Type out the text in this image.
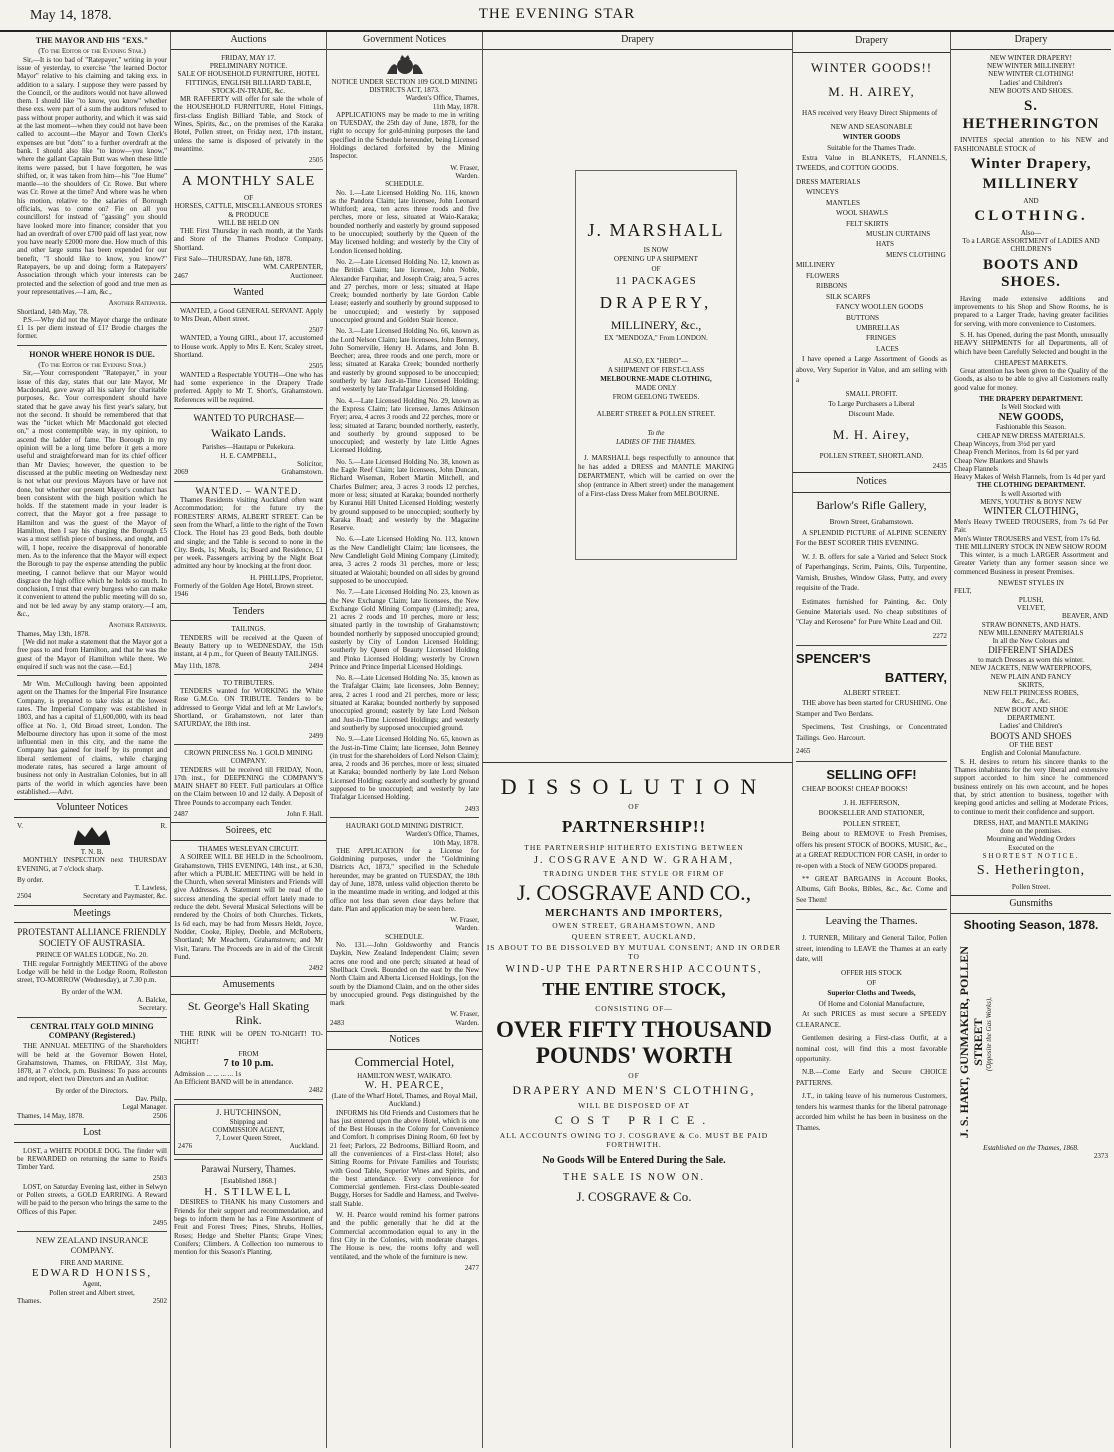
May 14, 1878.	THE EVENING STAR
THE MAYOR AND HIS "EXS."
(To the Editor of the Evening Star.)

Sir,—It is too bad of "Ratepayer," writing in your issue of yesterday, to exercise "the learned Doctor Mayor" relative to his claiming and taking exs. in addition to a salary. I suppose they were passed by the Council, or the auditors would not have allowed them. I should like "to know, you know" whether these exs. were part of a sum the auditors refused to pass without proper authority, and which it was said at the last moment—when they could not have been called to account—the Mayor and Town Clerk's expenses are but "dots" to a further overdraft at the bank. I should also like "to know—you know," where the gallant Captain Butt was when these little items were passed, but I have forgotten, he was shifted, or, it was taken from him—his "Joe Hume" mantle—to the shoulders of Cr. Rowe. But where was Cr. Rowe at the time? And where was he when his motion, relative to the salaries of Borough officials, was to come on? Fie on all you councillors! for instead of "gassing" you should have looked more into finance; consider that you had an overdraft of over £700 paid off last year, now you have nearly £2000 more due. How much of this and other large sums has been expended for our benefit, "I should like to know, you know?" Ratepayers, be up and doing; form a Ratepayers' Association through which your interests can be protected and the selection of good and true men as your representatives.—I am, &c.,

Another Ratepayer.
Shortland, 14th May, '78.

P.S.—Why did not the Mayor charge the ordinate £1 1s per diem instead of £1? Brodie charges the former.

HONOR WHERE HONOR IS DUE.
(To the Editor of the Evening Star.)

Sir,—Your correspondent "Ratepayer," in your issue of this day, states that our late Mayor, Mr Macdonald, gave away all his salary for charitable purposes, &c. Your correspondent should have stated that he gave away his first year's salary, but not the second. It should be remembered that that was the "ticket which Mr Macdonald got elected on," a most contemptible way, in my opinion, to ascend the ladder of fame. The Borough in my opinion will be a long time before it gets a more useful and straightforward man for its chief officer than Mr Davies; however, the question to be discussed at the public meeting on Wednesday next is not what our previous Mayors have or have not done, but whether our present Mayor's conduct has been consistent with the high position which he holds. If the statement made in your leader is correct, that the Mayor got a free passage to Hamilton and was the guest of the Mayor of Hamilton, then I say his charging the Borough £5 was a most selfish piece of business, and ought, and will, I hope, receive the disapproval of honorable men. As to the inference that the Mayor will expect the Borough to pay the expense attending the public meeting, I cannot believe that our Mayor would disgrace the high office which he holds so much. In conclusion, I trust that every burgess who can make it convenient to attend the public meeting will do so, and not be led away by any stamp oratory.—I am, &c.,

Another Ratepayer.
Thames, May 13th, 1878.

[We did not make a statement that the Mayor got a free pass to and from Hamilton, and that he was the guest of the Mayor of Hamilton while there. We enquired if such was not the case.—Ed.]

Mr Wm. McCullough having been appointed agent on the Thames for the Imperial Fire Insurance Company, is prepared to take risks at the lowest rates. The Imperial Company was established in 1803, and has a capital of £1,600,000, with its head office at No. 1, Old Broad street, London. The Melbourne directory has upon it some of the most influential men in this city, and the name the Company has gained for itself by its prompt and liberal settlement of claims, while charging moderate rates, has secured a large amount of business not only in Australian Colonies, but in all parts of the world in which agencies have been established.—Advt.

Volunteer Notices
V.	R.
T. N. B.

MONTHLY INSPECTION next THURSDAY EVENING, at 7 o'clock sharp.

By order.
T. Lawless,
2504	Secretary and Paymaster, &c.
Meetings
PROTESTANT ALLIANCE FRIENDLY SOCIETY OF AUSTRASIA.
PRINCE OF WALES LODGE, No. 20.

THE regular Fortnightly MEETING of the above Lodge will be held in the Lodge Room, Rolleston street, TO-MORROW (Wednesday), at 7.30 p.m.

By order of the W.M.
A. Balcke,
Secretary.
CENTRAL ITALY GOLD MINING COMPANY (Registered.)

THE ANNUAL MEETING of the Shareholders will be held at the Governor Bowen Hotel, Grahamstown, Thames, on FRIDAY, 31st May, 1878, at 7 o'clock, p.m. Business: To pass accounts and report, elect two Directors and an Auditor.

By order of the Directors.
Dav. Philp,
Legal Manager.
Thames, 14 May, 1878.	2506
Lost

LOST, a WHITE POODLE DOG. The finder will be REWARDED on returning the same to Reid's Timber Yard.

2503

LOST, on Saturday Evening last, either in Selwyn or Pollen streets, a GOLD EARRING. A Reward will be paid to the person who brings the same to the Offices of this Paper.

2495
NEW ZEALAND INSURANCE COMPANY.
FIRE AND MARINE.
EDWARD HONISS,
Agent,
Pollen street and Albert street,
Thames.	2502
Auctions
FRIDAY, MAY 17.
PRELIMINARY NOTICE.
SALE OF HOUSEHOLD FURNITURE, HOTEL FITTINGS, ENGLISH BILLIARD TABLE, STOCK-IN-TRADE, &c.

MR RAFFERTY will offer for sale the whole of the HOUSEHOLD FURNITURE, Hotel Fittings, first-class English Billiard Table, and Stock of Wines, Spirits, &c., on the premises of the Karaka Hotel, Pollen street, on Friday next, 17th instant, unless the same is disposed of privately in the meantime.

2505
A MONTHLY SALE
OF
HORSES, CATTLE, MISCELLANEOUS STORES & PRODUCE
WILL BE HELD ON

THE First Thursday in each month, at the Yards and Store of the Thames Produce Company, Shortland.

First Sale—THURSDAY, June 6th, 1878.
WM. CARPENTER,
2467	Auctioneer.
Wanted

WANTED, a Good GENERAL SERVANT. Apply to Mrs Dean, Albert street.

2507

WANTED, a Young GIRL, about 17, accustomed to House work. Apply to Mrs E. Kerr, Scaley street, Shortland.

2505

WANTED a Respectable YOUTH—One who has had some experience in the Drapery Trade preferred. Apply to Mr T. Short's, Grahamstown. References will be required.

WANTED TO PURCHASE—
Waikato Lands.
Parishes—Hautapu or Pukekura.
H. E. CAMPBELL,
Solicitor,
2069	Grahamstown.
WANTED. – WANTED.

Thames Residents visiting Auckland often want Accommodation; for the future try the FORESTERS' ARMS, ALBERT STREET. Can be seen from the Wharf, a little to the right of the Town Clock. The Hotel has 23 good Beds, both double and single; and the Table is second to none in the City. Beds, 1s; Meals, 1s; Board and Residence, £1 per week. Passengers arriving by the Night Boat admitted any hour by knocking at the front door.

H. PHILLIPS, Proprietor,
Formerly of the Golden Age Hotel, Brown street.
1946
Tenders
TAILINGS.

TENDERS will be received at the Queen of Beauty Battery up to WEDNESDAY, the 15th instant, at 4 p.m., for Queen of Beauty TAILINGS.

May 11th, 1878.	2494
TO TRIBUTERS.

TENDERS wanted for WORKING the White Rose G.M.Co. ON TRIBUTE. Tenders to be addressed to George Vidal and left at Mr Lawlor's, Shortland, or Grahamstown, not later than SATURDAY, the 18th inst.

2499
CROWN PRINCESS No. 1 GOLD MINING COMPANY.

TENDERS will be received till FRIDAY, Noon, 17th inst., for DEEPENING the COMPANY'S MAIN SHAFT 80 FEET. Full particulars at Office on the Claim between 10 and 12 daily. A Deposit of Three Pounds to accompany each Tender.

2487	John F. Hall.
Soirees, etc
THAMES WESLEYAN CIRCUIT.

A SOIREE WILL BE HELD in the Schoolroom, Grahamstown, THIS EVENING, 14th inst., at 6.30, after which a PUBLIC MEETING will be held in the Church, when several Ministers and Friends will give Addresses. A Statement will be read of the success attending the special effort lately made to reduce the debt. Several Musical Selections will be rendered by the Choirs of both Churches. Tickets, 1s 6d each, may be had from Messrs Heldt, Joyce, Nodder, Cooke, Ripley, Deeble, and McRoberts, Shortland; Mr Meachem, Grahamstown; and Mr Visit, Tararu. The Proceeds are in aid of the Circuit Fund.

2492
Amusements
St. George's Hall Skating Rink.

THE RINK will be OPEN TO-NIGHT! TO-NIGHT!

FROM
7 to 10 p.m.
Admission ... ... ... ... 1s
An Efficient BAND will be in attendance.
2482
J. HUTCHINSON,
Shipping and
COMMISSION AGENT,
7, Lower Queen Street,
2476	Auckland.
Parawai Nursery, Thames.
[Established 1868.]
H. STILWELL

DESIRES to THANK his many Customers and Friends for their support and recommendation, and begs to inform them he has a Fine Assortment of Fruit and Forest Trees; Pines, Shrubs, Hollies, Roses; Hedge and Shelter Plants; Grape Vines; Conifers; Climbers. A Collection too numerous to mention for this Season's Planting.

Government Notices
NOTICE UNDER SECTION 109 GOLD MINING DISTRICTS ACT, 1873.
Warden's Office, Thames,
11th May, 1878.

APPLICATIONS may be made to me in writing on TUESDAY, the 25th day of June, 1878, for the right to occupy for gold-mining purposes the land specified in the Schedule hereunder, being Licensed Holdings declared forfeited by the Mining Inspector.

W. Fraser,
Warden.
SCHEDULE.

No. 1.—Late Licensed Holding No. 116, known as the Pandora Claim; late licensee, John Leonard Whitford; area, ten acres three roods and five perches, more or less, situated at Waio-Karaka; bounded northerly and easterly by ground supposed to be unoccupied; southerly by the Queen of the May licensed holding; and westerly by the City of London licensed holding.

No. 2.—Late Licensed Holding No. 12, known as the British Claim; late licensee, John Noble, Alexander Farquhar, and Joseph Craig; area, 5 acres and 27 perches, more or less; situated at Hape Creek; bounded northerly by late Gordon Cable Lease; easterly and southerly by ground supposed to be unoccupied; and westerly by supposed unoccupied ground and Golden Stair licence.

No. 3.—Late Licensed Holding No. 66, known as the Lord Nelson Claim; late licensees, John Benney, John Somerville, Henry H. Adams, and John B. Beecher; area, three roods and one perch, more or less; situated at Karaka Creek; bounded northerly and easterly by ground supposed to be unoccupied; southerly by late Just-in-Time Licensed Holding; and westerly by late Trafalgar Licensed Holding.

No. 4.—Late Licensed Holding No. 29, known as the Express Claim; late licensee, James Atkinson Fryer; area, 4 acres 3 roods and 22 perches, more or less; situated at Tararu; bounded northerly, easterly, and southerly by ground supposed to be unoccupied; and westerly by late Little Agnes Licensed Holding.

No. 5.—Late Licensed Holding No. 38, known as the Eagle Reef Claim; late licensees, John Duncan, Richard Wiseman, Robert Martin Mitchell, and Charles Bulmer; area, 3 acres 3 roods 12 perches, more or less; situated at Karaka; bounded northerly by Kuranui Hill United Licensed Holding; westerly by ground supposed to be unoccupied; southerly by Karaka Road; and westerly by the Magazine Reserve.

No. 6.—Late Licensed Holding No. 113, known as the New Candlelight Claim; late licensees, the New Candlelight Gold Mining Company (Limited); area, 3 acres 2 roods 31 perches, more or less; situated at Waiotahi; bounded on all sides by ground supposed to be unoccupied.

No. 7.—Late Licensed Holding No. 23, known as the New Exchange Claim; late licensees, the New Exchange Gold Mining Company (Limited); area, 21 acres 2 roods and 10 perches, more or less; situated partly in the township of Grahamstown; bounded northerly by supposed unoccupied ground; easterly by City of London Licensed Holding; southerly by Queen of Beauty Licensed Holding and Pinko Licensed Holding; westerly by Crown Prince and Prince Imperial Licensed Holdings.

No. 8.—Late Licensed Holding No. 35, known as the Trafalgar Claim; late licensees, John Benney; area, 2 acres 1 rood and 21 perches, more or less; situated at Karaka; bounded northerly by supposed unoccupied ground; easterly by late Lord Nelson and Just-in-Time Licensed Holdings; and westerly and southerly by supposed unoccupied ground.

No. 9.—Late Licensed Holding No. 65, known as the Just-in-Time Claim; late licensee, John Benney (in trust for the shareholders of Lord Nelson Claim); area, 2 roods and 36 perches, more or less; situated at Karaka; bounded northerly by late Lord Nelson Licensed Holding; easterly and southerly by ground supposed to be unoccupied; and westerly by late Trafalgar Licensed Holding.

2493
HAURAKI GOLD MINING DISTRICT.
Warden's Office, Thames,
10th May, 1878.

THE APPLICATION for a License for Goldmining purposes, under the "Goldmining Districts Act, 1873," specified in the Schedule hereunder, may be granted on TUESDAY, the 18th day of June, 1878, unless valid objection thereto be in the meantime made in writing, and lodged at this office not less than seven clear days before that date. Plan and application may be seen here.

W. Fraser,
Warden.
SCHEDULE.

No. 131.—John Goldsworthy and Francis Daykin, New Zealand Independent Claim; seven acres one rood and one perch; situated at head of Shellback Creek. Bounded on the east by the New North Claim and Alberta Licensed Holdings, [on the south by the Diamond Claim, and on the other sides by unoccupied ground. Pegs distinguished by the mark

W. Fraser,
2483	Warden.
Notices
Commercial Hotel,
HAMILTON WEST, WAIKATO.
W. H. PEARCE,
(Late of the Wharf Hotel, Thames, and Royal Mail, Auckland.)

INFORMS his Old Friends and Customers that he has just entered upon the above Hotel, which is one of the Best Houses in the Colony for Convenience and Comfort. It comprises Dining Room, 60 feet by 21 feet; Parlors, 22 Bedrooms, Billiard Room, and all the conveniences of a First-class Hotel; also Sitting Rooms for Private Families and Tourists; with Good Table, Superior Wines and Spirits, and the best attendance. Every convenience for Commercial gentlemen. First-class Double-seated Buggy, Horses for Saddle and Harness, and Twelve-stall Stable.

W. H. Pearce would remind his former patrons and the public generally that he did at the Commercial accommodation equal to any in the first City in the Colonies, with moderate charges. The House is new, the rooms lofty and well ventilated, and the whole of the furniture is new.

2477
Drapery
J. MARSHALL
IS NOW
OPENING UP A SHIPMENT
OF
11 PACKAGES
DRAPERY,
MILLINERY, &c.,
EX "MENDOZA," From LONDON.
ALSO, EX "HERO"—
A SHIPMENT OF FIRST-CLASS
MELBOURNE-MADE CLOTHING,
MADE ONLY
FROM GEELONG TWEEDS.
ALBERT STREET & POLLEN STREET.
To the
LADIES OF THE THAMES.

J. MARSHALL begs respectfully to announce that he has added a DRESS and MANTLE MAKING DEPARTMENT, which will be carried on over the shop (entrance in Albert street) under the management of a First-class Dress Maker from MELBOURNE.

DISSOLUTION
OF
PARTNERSHIP!!
THE PARTNERSHIP HITHERTO EXISTING BETWEEN
J. COSGRAVE AND W. GRAHAM,
TRADING UNDER THE STYLE OR FIRM OF
J. COSGRAVE AND CO.,
MERCHANTS AND IMPORTERS,
OWEN STREET, GRAHAMSTOWN, AND
QUEEN STREET, AUCKLAND,
IS ABOUT TO BE DISSOLVED BY MUTUAL CONSENT; AND IN ORDER TO
WIND-UP THE PARTNERSHIP ACCOUNTS,
THE ENTIRE STOCK,
CONSISTING OF—
OVER FIFTY THOUSAND
POUNDS' WORTH
OF
DRAPERY AND MEN'S CLOTHING,
WILL BE DISPOSED OF AT
COST PRICE.
ALL ACCOUNTS OWING TO J. COSGRAVE & Co. MUST BE PAID FORTHWITH.
No Goods Will be Entered During the Sale.
THE SALE IS NOW ON.
J. COSGRAVE & Co.
Drapery
WINTER GOODS!!
M. H. AIREY,

HAS received very Heavy Direct Shipments of

NEW AND SEASONABLE
WINTER GOODS
Suitable for the Thames Trade.

Extra Value in BLANKETS, FLANNELS, TWEEDS, and COTTON GOODS.

DRESS MATERIALS
WINCEYS
MANTLES
WOOL SHAWLS
FELT SKIRTS
MUSLIN CURTAINS
HATS
MEN'S CLOTHING
MILLINERY
FLOWERS
RIBBONS
SILK SCARFS
FANCY WOOLLEN GOODS
BUTTONS
UMBRELLAS
FRINGES
LACES

I have opened a Large Assortment of Goods as above, Very Superior in Value, and am selling with a

SMALL PROFIT.
To Large Purchasers a Liberal
Discount Made.
M. H. Airey,
POLLEN STREET, SHORTLAND.
2435
Notices
Barlow's Rifle Gallery,
Brown Street, Grahamstown.

A SPLENDID PICTURE of ALPINE SCENERY For the BEST SCORER THIS EVENING.

W. J. B. offers for sale a Varied and Select Stock of Paperhangings, Scrim, Paints, Oils, Turpentine, Varnish, Brushes, Window Glass, Putty, and every requisite of the Trade.

Estimates furnished for Painting, &c. Only Genuine Materials used. No cheap substitutes of "Clay and Kerosene" for Pure White Lead and Oil.

2272
SPENCER'S
BATTERY,
ALBERT STREET.

THE above has been started for CRUSHING. One Stamper and Two Berdans.

Specimens, Test Crushings, or Concentrated Tailings. Geo. Harcourt.

2465
SELLING OFF!

CHEAP BOOKS! CHEAP BOOKS!

J. H. JEFFERSON,
BOOKSELLER AND STATIONER,
POLLEN STREET,

Being about to REMOVE to Fresh Premises, offers his present STOCK of BOOKS, MUSIC, &c., at a GREAT REDUCTION FOR CASH, in order to re-open with a Stock of NEW GOODS prepared.

** GREAT BARGAINS in Account Books, Albums, Gift Books, Bibles, &c., &c. Come and See Them!

Leaving the Thames.

J. TURNER, Military and General Tailor, Pollen street, intending to LEAVE the Thames at an early date, will

OFFER HIS STOCK
OF
Superior Cloths and Tweeds,
Of Home and Colonial Manufacture,

At such PRICES as must secure a SPEEDY CLEARANCE.

Gentlemen desiring a First-class Outfit, at a nominal cost, will find this a most favorable opportunity.

N.B.—Come Early and Secure CHOICE PATTERNS.

J.T., in taking leave of his numerous Customers, tenders his warmest thanks for the liberal patronage accorded him whilst he has been in business on the Thames.

Drapery
NEW WINTER DRAPERY!
NEW WINTER MILLINERY!
NEW WINTER CLOTHING!
Ladies' and Children's
NEW BOOTS AND SHOES.
S. HETHERINGTON

INVITES special attention to his NEW and FASHIONABLE STOCK of

Winter Drapery,
MILLINERY
AND
CLOTHING.
Also—
To a LARGE ASSORTMENT of LADIES AND CHILDREN'S
BOOTS AND SHOES.

Having made extensive additions and improvements to his Shop and Show Rooms, he is prepared to a Larger Trade, having greater facilities for serving, with more convenience to Customers.

S. H. has Opened, during the past Month, unusually HEAVY SHIPMENTS for all Departments, all of which have been Carefully Selected and bought in the

CHEAPEST MARKETS.

Great attention has been given to the Quality of the Goods, as also to be able to give all Customers really good value for money.

THE DRAPERY DEPARTMENT.
Is Well Stocked with
NEW GOODS,
Fashionable this Season.
CHEAP NEW DRESS MATERIALS.
Cheap Winceys, from 3½d per yard
Cheap French Merinos, from 1s 6d per yard
Cheap New Blankets and Shawls
Cheap Flannels
Heavy Makes of Welsh Flannels, from 1s 4d per yard
THE CLOTHING DEPARTMENT.
Is well Assorted with
MEN'S, YOUTHS' & BOYS' NEW
WINTER CLOTHING,
Men's Heavy TWEED TROUSERS, from 7s 6d Per Pair.
Men's Winter TROUSERS and VEST, from 17s 6d.
THE MILLINERY STOCK IN NEW SHOW ROOM

This winter, is a much LARGER Assortment and Greater Variety than any former season since we commenced Business in present Premises.

NEWEST STYLES IN
FELT,
PLUSH,
VELVET,
BEAVER, AND
STRAW BONNETS, AND HATS.
NEW MILLENNERY MATERIALS
In all the New Colours and
DIFFERENT SHADES
to match Dresses as worn this winter.
NEW JACKETS, NEW WATERPROOFS,
NEW PLAIN AND FANCY
SKIRTS,
NEW FELT PRINCESS ROBES,
&c., &c., &c.
NEW BOOT AND SHOE
DEPARTMENT.
Ladies' and Children's
BOOTS AND SHOES
OF THE BEST
English and Colonial Manufacture.

S. H. desires to return his sincere thanks to the Thames inhabitants for the very liberal and extensive support accorded to him since he commenced business entirely on his own account, and he hopes that, by strict attention to business, together with keeping good articles and selling at Moderate Prices, to continue to merit their confidence and support.

DRESS, HAT, and MANTLE MAKING
done on the premises.
Mourning and Wedding Orders
Executed on the
SHORTEST NOTICE.
S. Hetherington,
Pollen Street.
Gunsmiths
Shooting Season, 1878.
J. S. HART, GUNMAKER, POLLEN STREET (Opposite the Gas Works),
Established on the Thames, 1868.
2373
